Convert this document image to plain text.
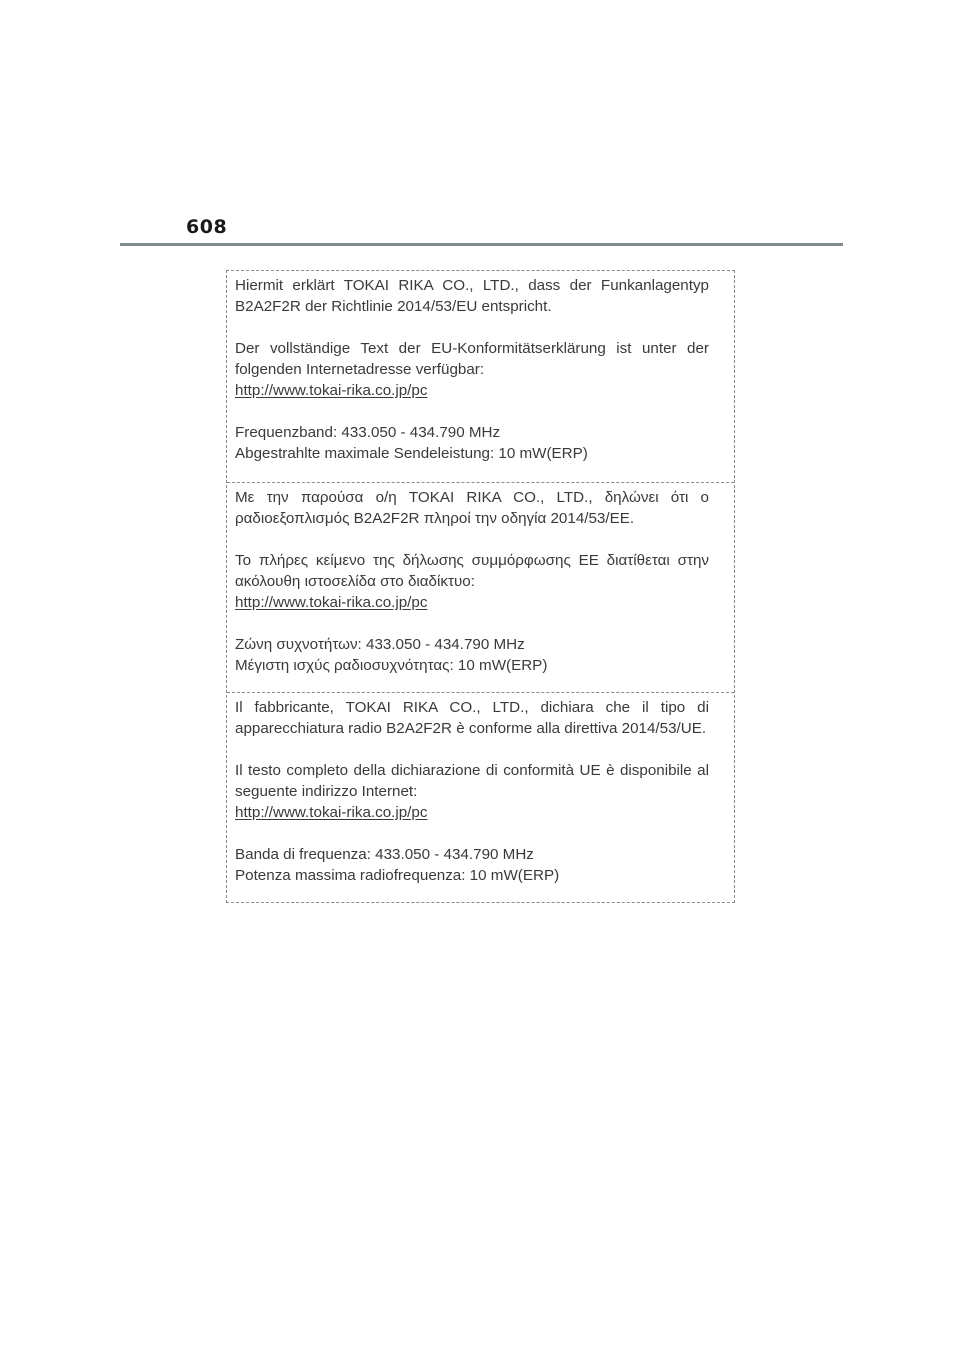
608

Hiermit erklärt TOKAI RIKA CO., LTD., dass der Funkanlagentyp
B2A2F2R der Richtlinie 2014/53/EU entspricht.

Der vollständige Text der EU-Konformitätserklärung ist unter der
folgenden Internetadresse verfügbar:
http://www.tokai-rika.co.jp/pc

Frequenzband: 433.050 - 434.790 MHz
Abgestrahlte maximale Sendeleistung: 10 mW(ERP)

Με την παρούσα ο/η TOKAI RIKA CO., LTD., δηλώνει ότι ο
ραδιοεξοπλισμός B2A2F2R πληροί την οδηγία 2014/53/ΕΕ.

Το πλήρες κείμενο της δήλωσης συμμόρφωσης ΕΕ διατίθεται στην
ακόλουθη ιστοσελίδα στο διαδίκτυο:
http://www.tokai-rika.co.jp/pc

Ζώνη συχνοτήτων: 433.050 - 434.790 MHz
Μέγιστη ισχύς ραδιοσυχνότητας: 10 mW(ERP)

Il fabbricante, TOKAI RIKA CO., LTD., dichiara che il tipo di
apparecchiatura radio B2A2F2R è conforme alla direttiva 2014/53/UE.

Il testo completo della dichiarazione di conformità UE è disponibile al
seguente indirizzo Internet:
http://www.tokai-rika.co.jp/pc

Banda di frequenza: 433.050 - 434.790 MHz
Potenza massima radiofrequenza: 10 mW(ERP)
